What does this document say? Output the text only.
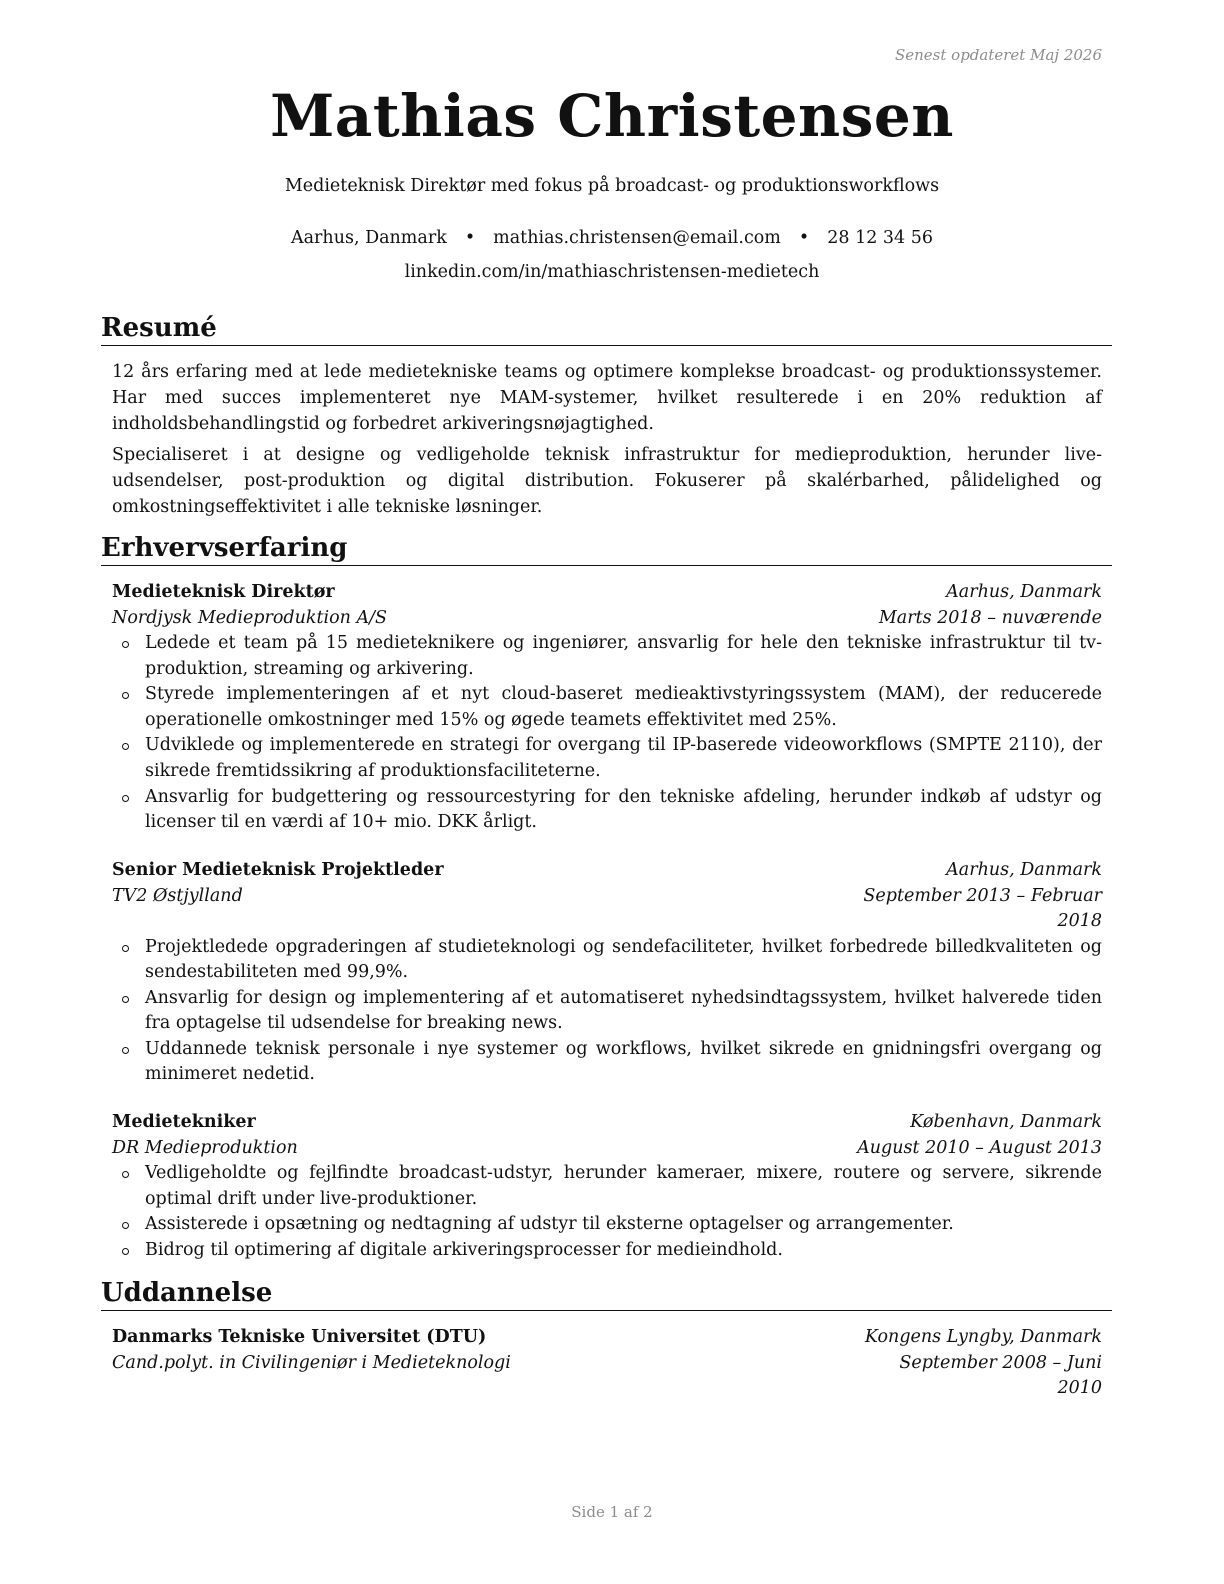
Senest opdateret Maj 2026
Mathias Christensen
Medieteknisk Direktør med fokus på broadcast- og produktionsworkflows
Aarhus, Danmark • mathias.christensen@email.com • 28 12 34 56
linkedin.com/in/mathiaschristensen-medietech
Resumé
12 års erfaring med at lede medietekniske teams og optimere komplekse broadcast- og produktionssystemer. Har med succes implementeret nye MAM-systemer, hvilket resulterede i en 20% reduktion af indholdsbehandlingstid og forbedret arkiveringsnøjagtighed.
Specialiseret i at designe og vedligeholde teknisk infrastruktur for medieproduktion, herunder live-udsendelser, post-produktion og digital distribution. Fokuserer på skalérbarhed, pålidelighed og omkostningseffektivitet i alle tekniske løsninger.
Erhvervserfaring
Medieteknisk Direktør	Aarhus, Danmark
Nordjysk Medieproduktion A/S	Marts 2018 – nuværende
Ledede et team på 15 medieteknikere og ingeniører, ansvarlig for hele den tekniske infrastruktur til tv-produktion, streaming og arkivering.
Styrede implementeringen af et nyt cloud-baseret medieaktivstyringssystem (MAM), der reducerede operationelle omkostninger med 15% og øgede teamets effektivitet med 25%.
Udviklede og implementerede en strategi for overgang til IP-baserede videoworkflows (SMPTE 2110), der sikrede fremtidssikring af produktionsfaciliteterne.
Ansvarlig for budgettering og ressourcestyring for den tekniske afdeling, herunder indkøb af udstyr og licenser til en værdi af 10+ mio. DKK årligt.
Senior Medieteknisk Projektleder	Aarhus, Danmark
TV2 Østjylland	September 2013 – Februar 2018
Projektledede opgraderingen af studieteknologi og sendefaciliteter, hvilket forbedrede billedkvaliteten og sendestabiliteten med 99,9%.
Ansvarlig for design og implementering af et automatiseret nyhedsindtagssystem, hvilket halverede tiden fra optagelse til udsendelse for breaking news.
Uddannede teknisk personale i nye systemer og workflows, hvilket sikrede en gnidningsfri overgang og minimeret nedetid.
Medietekniker	København, Danmark
DR Medieproduktion	August 2010 – August 2013
Vedligeholdte og fejlfindte broadcast-udstyr, herunder kameraer, mixere, routere og servere, sikrende optimal drift under live-produktioner.
Assisterede i opsætning og nedtagning af udstyr til eksterne optagelser og arrangementer.
Bidrog til optimering af digitale arkiveringsprocesser for medieindhold.
Uddannelse
Danmarks Tekniske Universitet (DTU)	Kongens Lyngby, Danmark
Cand.polyt. in Civilingeniør i Medieteknologi	September 2008 – Juni 2010
Side 1 af 2
